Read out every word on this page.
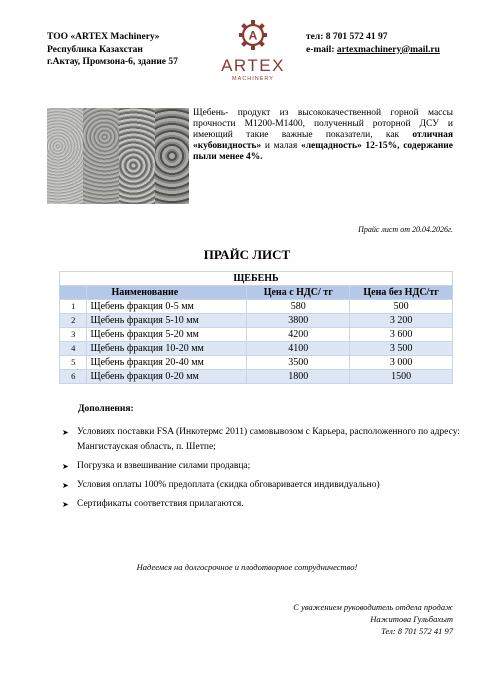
ТОО «ARTEX Machinery»
Республика Казахстан
г.Актау, Промзона-6, здание 57
A
ARTEX
MACHINERY
тел: 8 701 572 41 97
e-mail: artexmachinery@mail.ru
Щебень- продукт из высококачественной горной массы прочности М1200-М1400, полученный роторной ДСУ и имеющий такие важные показатели, как отличная «кубовидность» и малая «лещадность» 12-15%, содержание пыли менее 4%.
Прайс лист от 20.04.2026г.
ПРАЙС ЛИСТ
ЩЕБЕНЬ			
	Наименование	Цена с НДС/ тг	Цена без НДС/тг
1	Щебень фракция 0-5 мм	580	500
2	Щебень фракция 5-10 мм	3800	3 200
3	Щебень фракция 5-20 мм	4200	3 600
4	Щебень фракция 10-20 мм	4100	3 500
5	Щебень фракция 20-40 мм	3500	3 000
6	Щебень фракция 0-20 мм	1800	1500
Дополнения:
➤ Условиях поставки FSA (Инкотермс 2011) самовывозом с Карьера, расположенного по адресу: Мангистауская область, п. Шетпе;
➤ Погрузка и взвешивание силами продавца;
➤ Условия оплаты 100% предоплата (скидка обговаривается индивидуально)
➤ Сертификаты соответствия прилагаются.
Надеемся на долгосрочное и плодотворное сотрудничество!
С уважением руководитель отдела продаж
Нажитова Гульбахыт
Тел: 8 701 572 41 97
